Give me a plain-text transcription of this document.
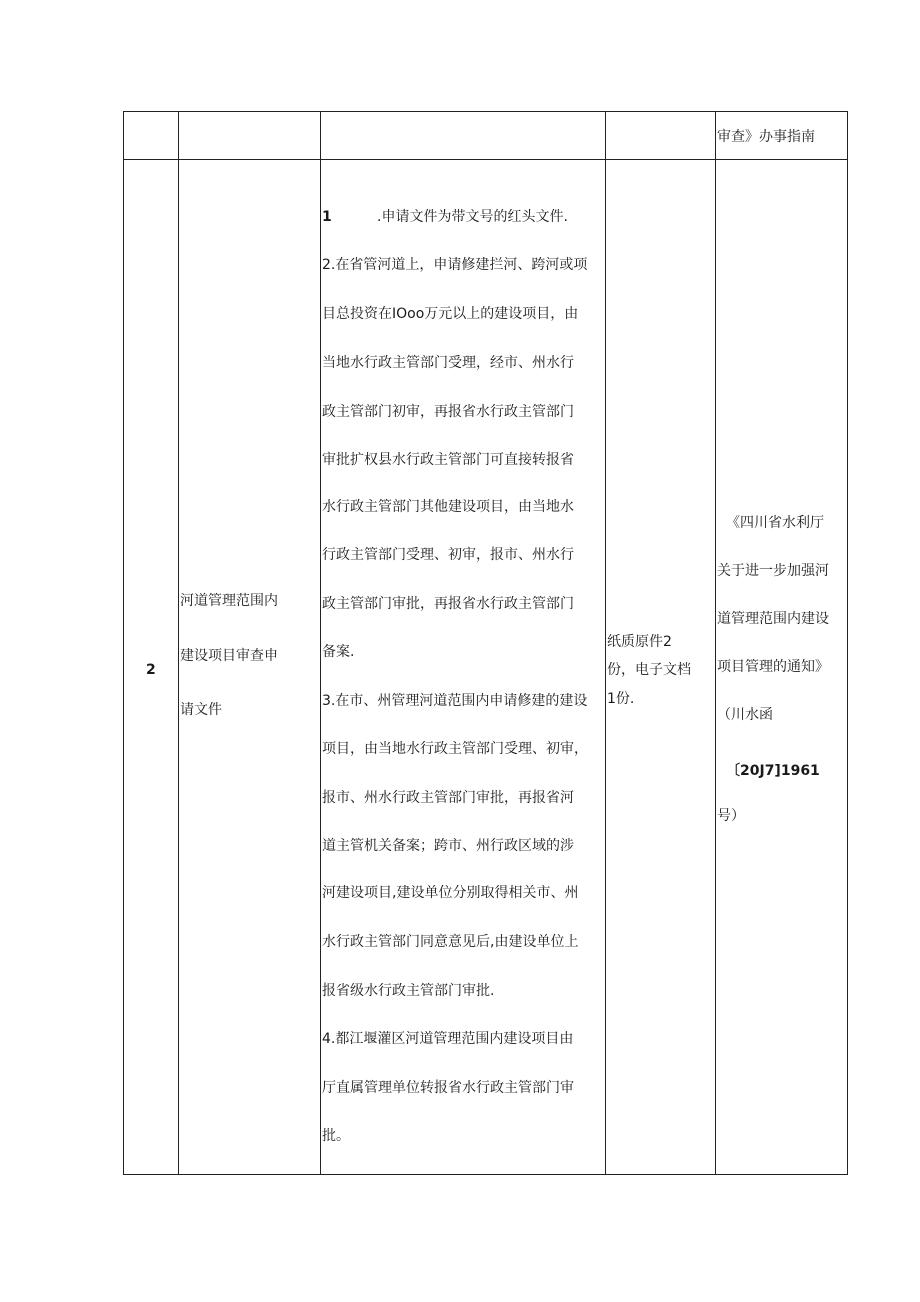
审查》办事指南
2
河道管理范围内
建设项目审查申
请文件
1	.申请文件为带文号的红头文件.
2.在省管河道上，申请修建拦河、跨河或项
目总投资在IOoo万元以上的建设项目，由
当地水行政主管部门受理，经市、州水行
政主管部门初审，再报省水行政主管部门
审批扩权县水行政主管部门可直接转报省
水行政主管部门其他建设项目，由当地水
行政主管部门受理、初审，报市、州水行
政主管部门审批，再报省水行政主管部门
备案.
3.在市、州管理河道范围内申请修建的建设
项目，由当地水行政主管部门受理、初审，
报市、州水行政主管部门审批，再报省河
道主管机关备案；跨市、州行政区域的涉
河建设项目,建设单位分别取得相关市、州
水行政主管部门同意意见后,由建设单位上
报省级水行政主管部门审批.
4.都江堰灌区河道管理范围内建设项目由
厅直属管理单位转报省水行政主管部门审
批。
纸质原件2
份，电子文档
1份.
《四川省水利厅
关于进一步加强河
道管理范围内建设
项目管理的通知》
（川水函
〔20J7]1961
号）
